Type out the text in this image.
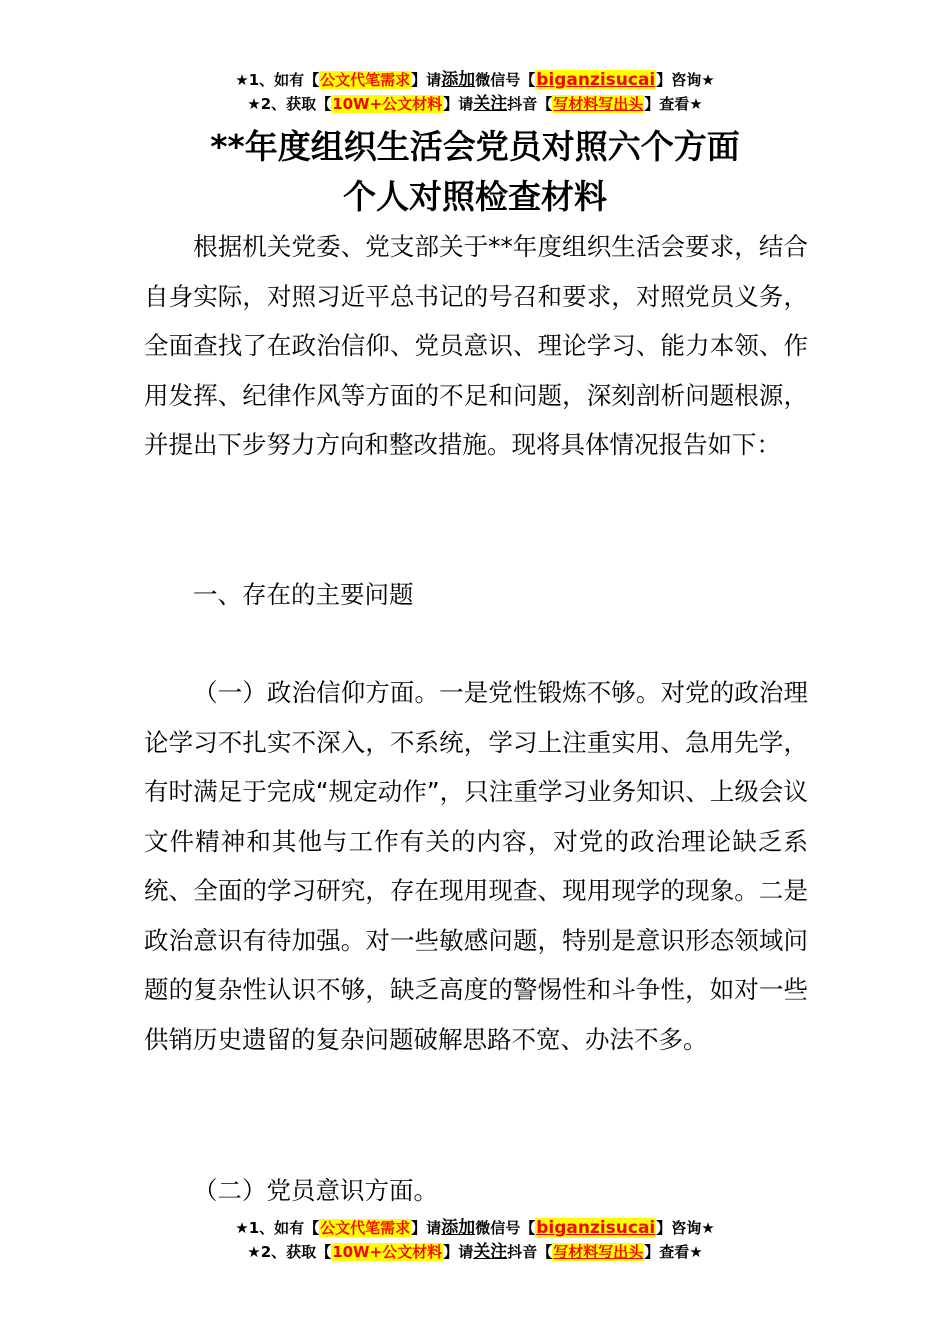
★1、如有【公文代笔需求】请添加微信号【biganzisucai】咨询★
★2、获取【10W+公文材料】请关注抖音【写材料写出头】查看★
**年度组织生活会党员对照六个方面
个人对照检查材料

根据机关党委、党支部关于**年度组织生活会要求，结合自身实际，对照习近平总书记的号召和要求，对照党员义务，全面查找了在政治信仰、党员意识、理论学习、能力本领、作用发挥、纪律作风等方面的不足和问题，深刻剖析问题根源，并提出下步努力方向和整改措施。现将具体情况报告如下：

一、存在的主要问题

（一）政治信仰方面。一是党性锻炼不够。对党的政治理论学习不扎实不深入，不系统，学习上注重实用、急用先学，有时满足于完成“规定动作”，只注重学习业务知识、上级会议文件精神和其他与工作有关的内容，对党的政治理论缺乏系统、全面的学习研究，存在现用现查、现用现学的现象。二是政治意识有待加强。对一些敏感问题，特别是意识形态领域问题的复杂性认识不够，缺乏高度的警惕性和斗争性，如对一些供销历史遗留的复杂问题破解思路不宽、办法不多。

（二）党员意识方面。

★1、如有【公文代笔需求】请添加微信号【biganzisucai】咨询★
★2、获取【10W+公文材料】请关注抖音【写材料写出头】查看★
